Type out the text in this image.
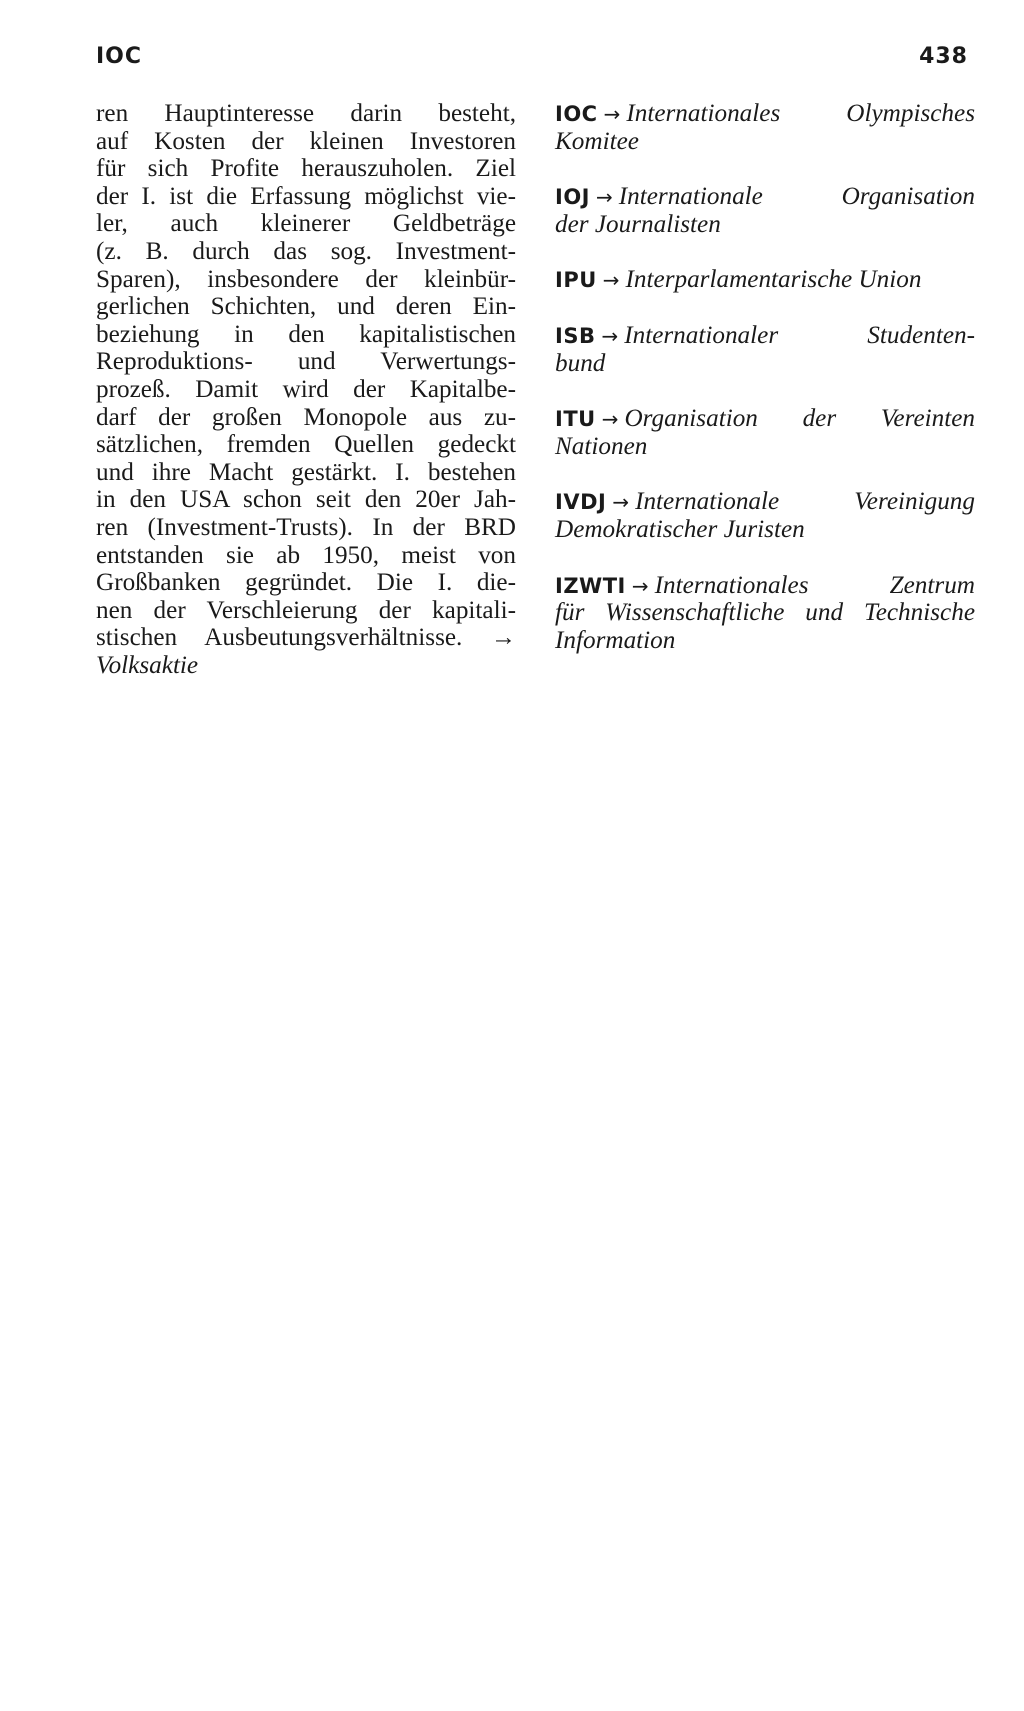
IOC	438
ren Hauptinteresse darin besteht,
auf Kosten der kleinen Investoren
für sich Profite herauszuholen. Ziel
der I. ist die Erfassung möglichst vie-
ler, auch kleinerer Geldbeträge
(z. B. durch das sog. Investment-
Sparen), insbesondere der kleinbür-
gerlichen Schichten, und deren Ein-
beziehung in den kapitalistischen
Reproduktions- und Verwertungs-
prozeß. Damit wird der Kapitalbe-
darf der großen Monopole aus zu-
sätzlichen, fremden Quellen gedeckt
und ihre Macht gestärkt. I. bestehen
in den USA schon seit den 20er Jah-
ren (Investment-Trusts). In der BRD
entstanden sie ab 1950, meist von
Großbanken gegründet. Die I. die-
nen der Verschleierung der kapitali-
stischen Ausbeutungsverhältnisse. →
Volksaktie
IOC → Internationales Olympisches
Komitee
IOJ → Internationale Organisation
der Journalisten
IPU → Interparlamentarische Union
ISB → Internationaler Studenten-
bund
ITU → Organisation der Vereinten
Nationen
IVDJ → Internationale Vereinigung
Demokratischer Juristen
IZWTI → Internationales Zentrum
für Wissenschaftliche und Technische
Information
